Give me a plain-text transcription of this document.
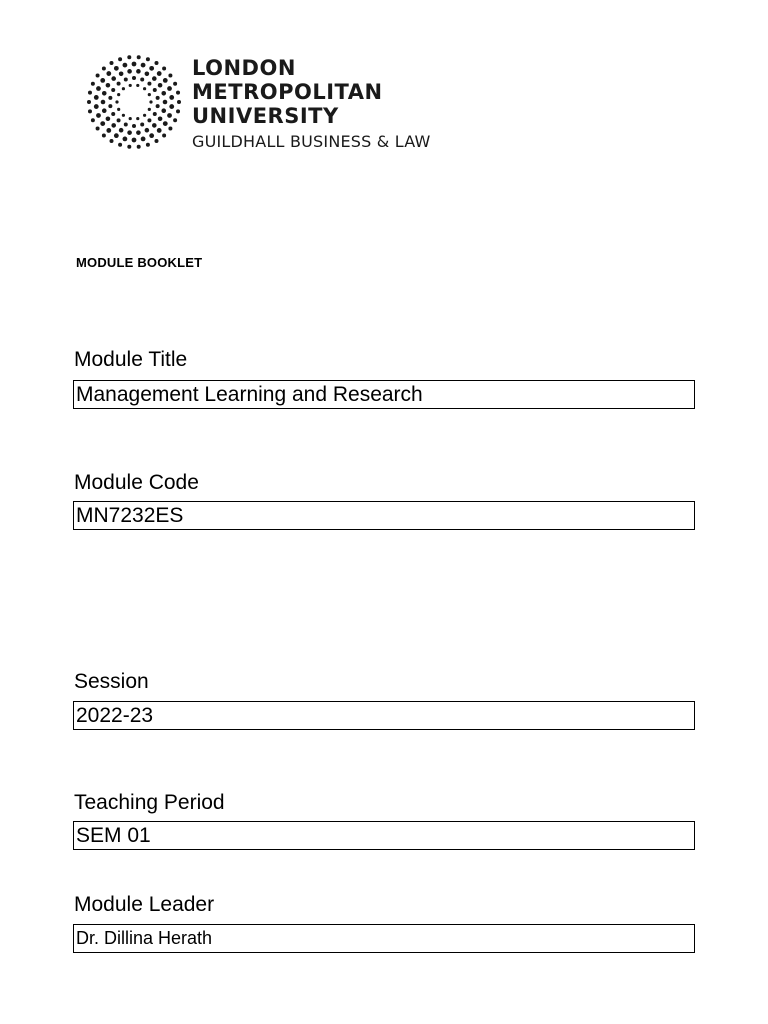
LONDON
METROPOLITAN
UNIVERSITY
GUILDHALL BUSINESS & LAW
MODULE BOOKLET
Module Title
Management Learning and Research
Module Code
MN7232ES
Session
2022-23
Teaching Period
SEM 01
Module Leader
Dr. Dillina Herath
